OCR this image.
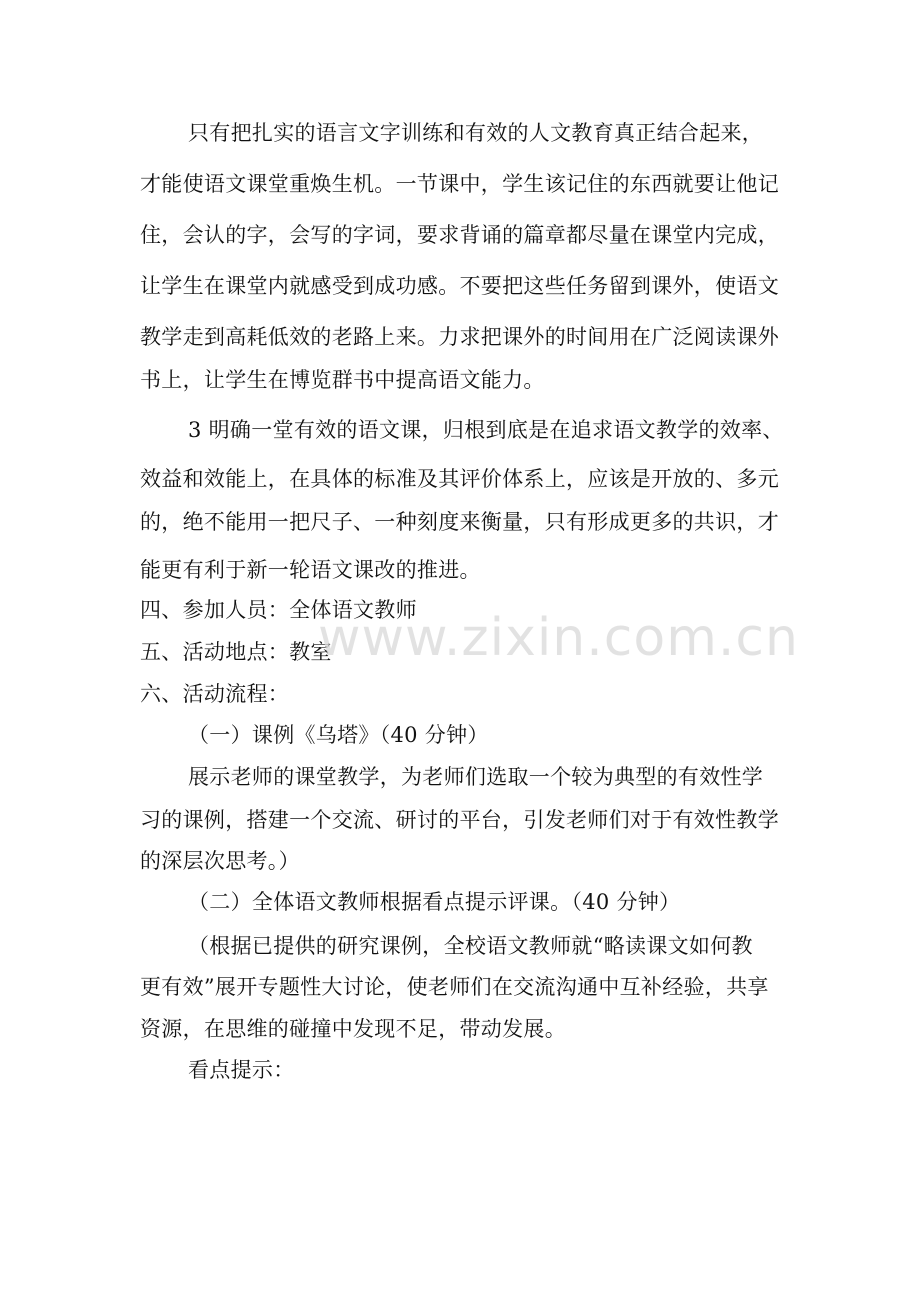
只有把扎实的语言文字训练和有效的人文教育真正结合起来，
才能使语文课堂重焕生机。一节课中，学生该记住的东西就要让他记
住，会认的字，会写的字词，要求背诵的篇章都尽量在课堂内完成，
让学生在课堂内就感受到成功感。不要把这些任务留到课外，使语文
教学走到高耗低效的老路上来。力求把课外的时间用在广泛阅读课外
书上，让学生在博览群书中提高语文能力。
3 明确一堂有效的语文课，归根到底是在追求语文教学的效率、
效益和效能上，在具体的标准及其评价体系上，应该是开放的、多元
的，绝不能用一把尺子、一种刻度来衡量，只有形成更多的共识，才
能更有利于新一轮语文课改的推进。
四、参加人员：全体语文教师
五、活动地点：教室
六、活动流程：
（一）课例《乌塔》（40 分钟）
展示老师的课堂教学，为老师们选取一个较为典型的有效性学
习的课例，搭建一个交流、研讨的平台，引发老师们对于有效性教学
的深层次思考。）
（二）全体语文教师根据看点提示评课。（40 分钟）
（根据已提供的研究课例，全校语文教师就“略读课文如何教
更有效”展开专题性大讨论，使老师们在交流沟通中互补经验，共享
资源，在思维的碰撞中发现不足，带动发展。
看点提示：
www.zixin.com.cn
